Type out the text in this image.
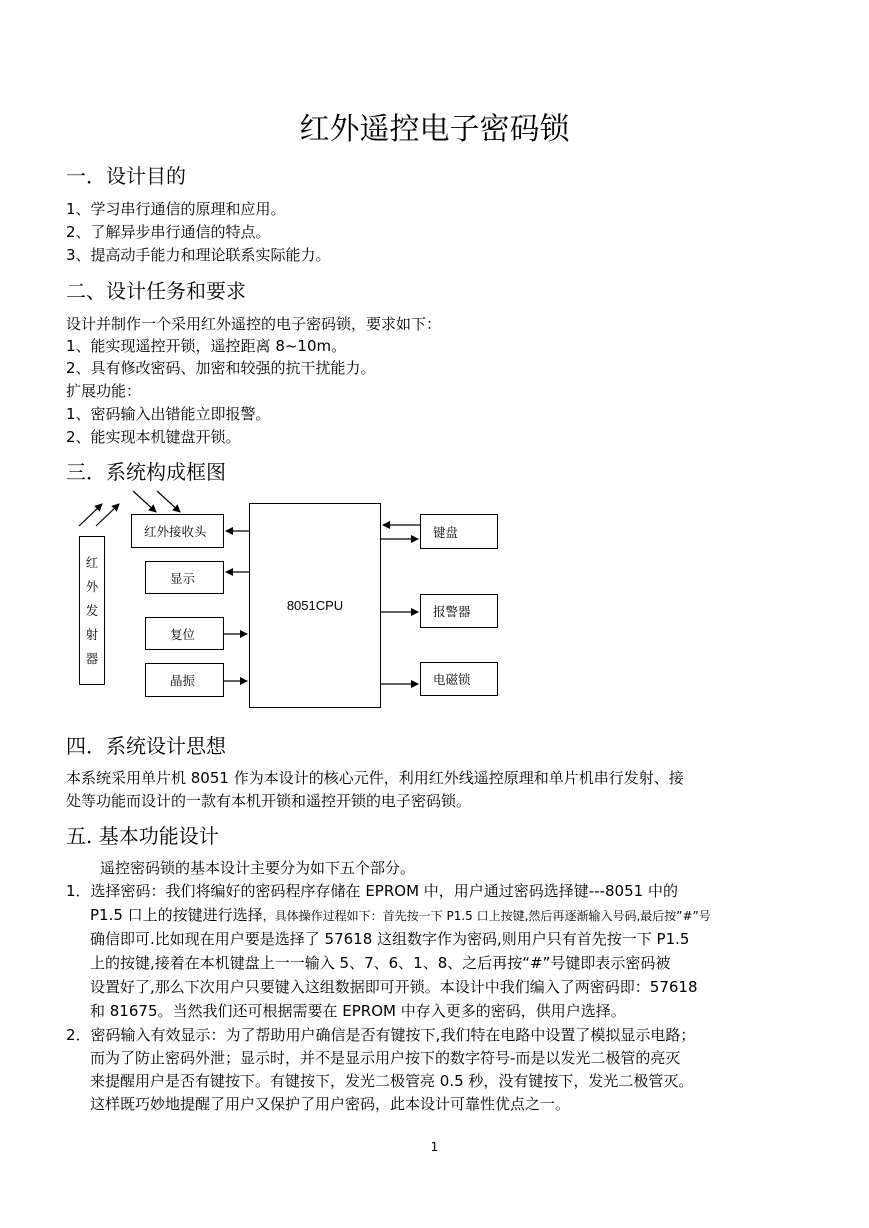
红外遥控电子密码锁
一．设计目的
1、学习串行通信的原理和应用。
2、了解异步串行通信的特点。
3、提高动手能力和理论联系实际能力。
二、设计任务和要求
设计并制作一个采用红外遥控的电子密码锁，要求如下：
1、能实现遥控开锁，遥控距离 8~10m。
2、具有修改密码、加密和较强的抗干扰能力。
扩展功能：
1、密码输入出错能立即报警。
2、能实现本机键盘开锁。
三．系统构成框图
红
外
发
射
器
红外接收头
显示
复位
晶振
8051CPU
键盘
报警器
电磁锁
四．系统设计思想
本系统采用单片机 8051 作为本设计的核心元件，利用红外线遥控原理和单片机串行发射、接
处等功能而设计的一款有本机开锁和遥控开锁的电子密码锁。
五. 基本功能设计
遥控密码锁的基本设计主要分为如下五个部分。
1．选择密码：我们将编好的密码程序存储在 EPROM 中，用户通过密码选择键---8051 中的
P1.5 口上的按键进行选择，具体操作过程如下：首先按一下 P1.5 口上按键,然后再逐渐输入号码,最后按”#”号
确信即可.比如现在用户要是选择了 57618 这组数字作为密码,则用户只有首先按一下 P1.5
上的按键,接着在本机键盘上一一输入 5、7、6、1、8、之后再按“#”号键即表示密码被
设置好了,那么下次用户只要键入这组数据即可开锁。本设计中我们编入了两密码即：57618
和 81675。当然我们还可根据需要在 EPROM 中存入更多的密码，供用户选择。
2．密码输入有效显示：为了帮助用户确信是否有键按下,我们特在电路中设置了模拟显示电路；
而为了防止密码外泄；显示时，并不是显示用户按下的数字符号-而是以发光二极管的亮灭
来提醒用户是否有键按下。有键按下，发光二极管亮 0.5 秒，没有键按下，发光二极管灭。
这样既巧妙地提醒了用户又保护了用户密码，此本设计可靠性优点之一。
1
